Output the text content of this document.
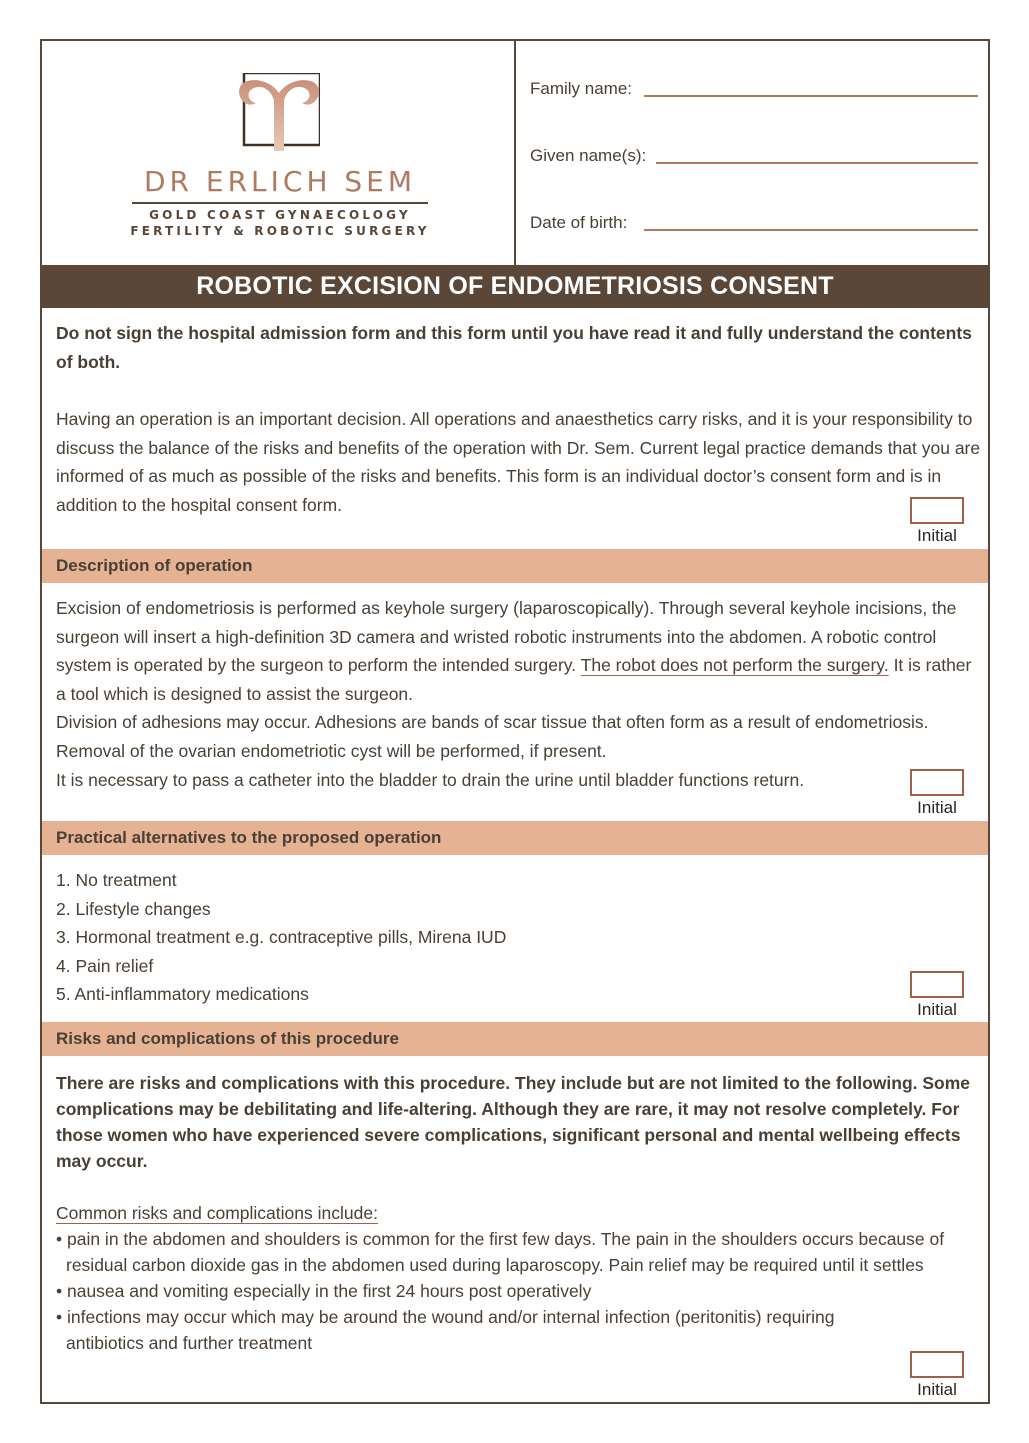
DR ERLICH SEM
GOLD COAST GYNAECOLOGY
FERTILITY & ROBOTIC SURGERY
Family name:
Given name(s):
Date of birth:
ROBOTIC EXCISION OF ENDOMETRIOSIS CONSENT
Do not sign the hospital admission form and this form until you have read it and fully understand the contents of both.
Having an operation is an important decision. All operations and anaesthetics carry risks, and it is your responsibility to discuss the balance of the risks and benefits of the operation with Dr. Sem. Current legal practice demands that you are informed of as much as possible of the risks and benefits. This form is an individual doctor’s consent form and is in addition to the hospital consent form.
Initial
Description of operation
Excision of endometriosis is performed as keyhole surgery (laparoscopically). Through several keyhole incisions, the surgeon will insert a high-definition 3D camera and wristed robotic instruments into the abdomen. A robotic control system is operated by the surgeon to perform the intended surgery. The robot does not perform the surgery. It is rather a tool which is designed to assist the surgeon.
Division of adhesions may occur. Adhesions are bands of scar tissue that often form as a result of endometriosis. Removal of the ovarian endometriotic cyst will be performed, if present.
It is necessary to pass a catheter into the bladder to drain the urine until bladder functions return.
Initial
Practical alternatives to the proposed operation
1. No treatment
2. Lifestyle changes
3. Hormonal treatment e.g. contraceptive pills, Mirena IUD
4. Pain relief
5. Anti-inflammatory medications
Initial
Risks and complications of this procedure
There are risks and complications with this procedure. They include but are not limited to the following. Some complications may be debilitating and life-altering. Although they are rare, it may not resolve completely. For those women who have experienced severe complications, significant personal and mental wellbeing effects may occur.
Common risks and complications include:
• pain in the abdomen and shoulders is common for the first few days. The pain in the shoulders occurs because of residual carbon dioxide gas in the abdomen used during laparoscopy. Pain relief may be required until it settles
• nausea and vomiting especially in the first 24 hours post operatively
• infections may occur which may be around the wound and/or internal infection (peritonitis) requiring antibiotics and further treatment
Initial
